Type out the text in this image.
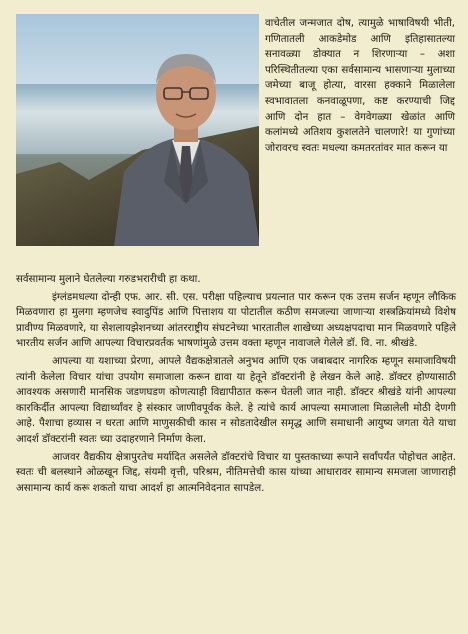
वाचेतील जन्मजात दोष, त्यामुळे भाषाविषयी भीती, गणितातली आकडेमोड आणि इतिहासातल्या सनावळ्या डोक्यात न शिरणाऱ्या – अशा परिस्थितीतल्या एका सर्वसामान्य भासणाऱ्या मुलाच्या जमेच्या बाजू होत्या, वारसा हक्काने मिळालेला स्वभावातला कनवाळूपणा, कष्ट करण्याची जिद्द आणि दोन हात – वेगवेगळ्या खेळांत आणि कलांमध्ये अतिशय कुशलतेने चालणारे! या गुणांच्या जोरावरच स्वतः मधल्या कमतरतांवर मात करून या

सर्वसामान्य मुलाने घेतलेल्या गरुडभरारीची हा कथा.

इंग्लंडमधल्या दोन्ही एफ. आर. सी. एस. परीक्षा पहिल्याच प्रयत्नात पार करून एक उत्तम सर्जन म्हणून लौकिक मिळवणारा हा मुलगा म्हणजेच स्वादुपिंड आणि पित्ताशय या पोटातील कठीण समजल्या जाणाऱ्या शस्त्रक्रियांमध्ये विशेष प्रावीण्य मिळवणारे, या सेशलायझेशनच्या आंतरराष्ट्रीय संघटनेच्या भारतातील शाखेच्या अध्यक्षपदाचा मान मिळवणारे पहिले भारतीय सर्जन आणि आपल्या विचारप्रवर्तक भाषणांमुळे उत्तम वक्ता म्हणून नावाजले गेलेले डॉ. वि. ना. श्रीखंडे.

आपल्या या यशाच्या प्रेरणा, आपले वैद्यकक्षेत्रातले अनुभव आणि एक जबाबदार नागरिक म्हणून समाजाविषयी त्यांनी केलेला विचार यांचा उपयोग समाजाला करून द्यावा या हेतूने डॉक्टरांनी हे लेखन केले आहे. डॉक्टर होण्यासाठी आवश्यक असणारी मानसिक जडणघडण कोणत्याही विद्यापीठात करून घेतली जात नाही. डॉक्टर श्रीखंडे यांनी आपल्या कारकिर्दीत आपल्या विद्यार्थ्यांवर हे संस्कार जाणीवपूर्वक केले. हे त्यांचे कार्य आपल्या समाजाला मिळालेली मोठी देणगी आहे. पैशाचा हव्यास न धरता आणि माणुसकीची कास न सोडतादेखील समृद्ध आणि समाधानी आयुष्य जगता येते याचा आदर्श डॉक्टरांनी स्वतः च्या उदाहरणाने निर्माण केला.

आजवर वैद्यकीय क्षेत्रापुरतेच मर्यादित असलेले डॉक्टरांचे विचार या पुस्तकाच्या रूपाने सर्वांपर्यंत पोहोचत आहेत. स्वतः ची बलस्थाने ओळखून जिद्द, संयमी वृत्ती, परिश्रम, नीतिमत्तेची कास यांच्या आधारावर सामान्य समजला जाणाराही असामान्य कार्य करू शकतो याचा आदर्श हा आत्मनिवेदनात सापडेल.
